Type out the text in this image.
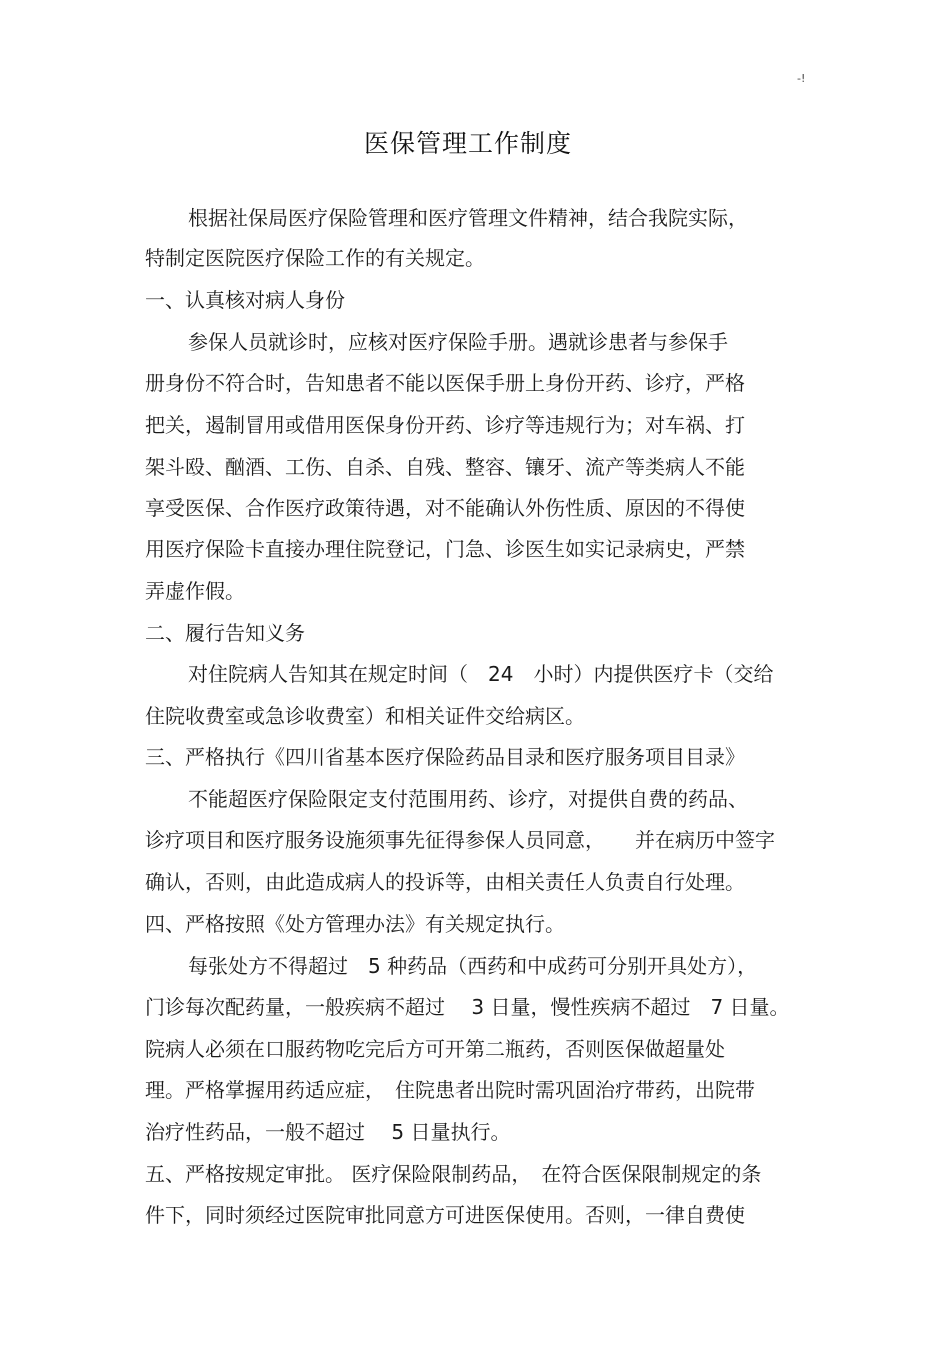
-!
医保管理工作制度
根据社保局医疗保险管理和医疗管理文件精神，结合我院实际，
特制定医院医疗保险工作的有关规定。
一、认真核对病人身份
参保人员就诊时，应核对医疗保险手册。遇就诊患者与参保手
册身份不符合时，告知患者不能以医保手册上身份开药、诊疗，严格
把关，遏制冒用或借用医保身份开药、诊疗等违规行为；对车祸、打
架斗殴、酗酒、工伤、自杀、自残、整容、镶牙、流产等类病人不能
享受医保、合作医疗政策待遇，对不能确认外伤性质、原因的不得使
用医疗保险卡直接办理住院登记，门急、诊医生如实记录病史，严禁
弄虚作假。
二、履行告知义务
对住院病人告知其在规定时间（　24　小时）内提供医疗卡（交给
住院收费室或急诊收费室）和相关证件交给病区。
三、严格执行《四川省基本医疗保险药品目录和医疗服务项目目录》
不能超医疗保险限定支付范围用药、诊疗，对提供自费的药品、
诊疗项目和医疗服务设施须事先征得参保人员同意，　　并在病历中签字
确认，否则，由此造成病人的投诉等，由相关责任人负责自行处理。
四、严格按照《处方管理办法》有关规定执行。
每张处方不得超过　5 种药品（西药和中成药可分别开具处方），
门诊每次配药量，一般疾病不超过　 3 日量，慢性疾病不超过　7 日量。
院病人必须在口服药物吃完后方可开第二瓶药，否则医保做超量处
理。严格掌握用药适应症，　住院患者出院时需巩固治疗带药，出院带
治疗性药品，一般不超过　 5 日量执行。
五、严格按规定审批。 医疗保险限制药品，　在符合医保限制规定的条
件下，同时须经过医院审批同意方可进医保使用。否则，一律自费使
